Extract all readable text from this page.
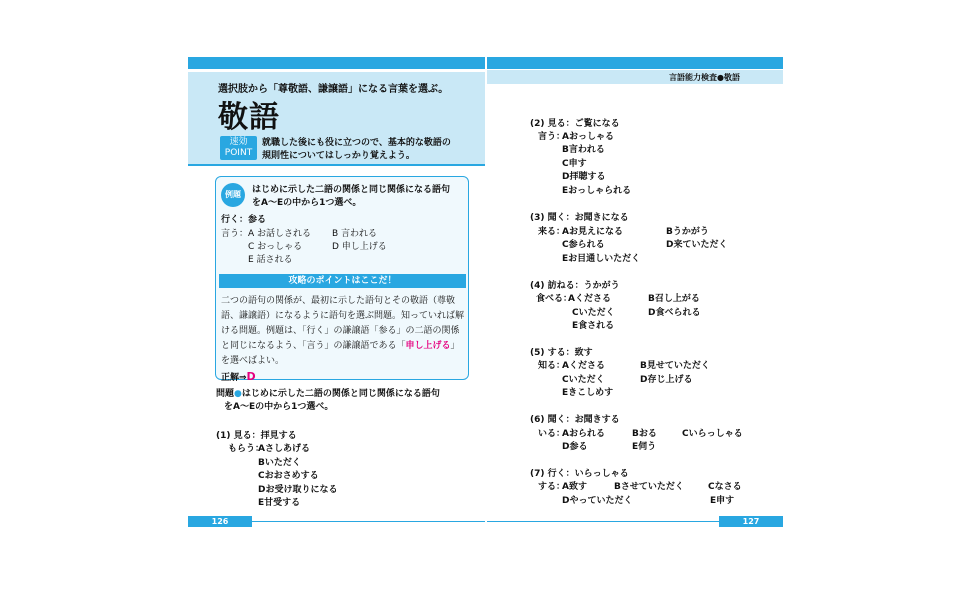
言語能力検査●敬語
選択肢から「尊敬語、謙譲語」になる言葉を選ぶ。
敬語
速効
POINT
就職した後にも役に立つので、基本的な敬語の
規則性についてはしっかり覚えよう。
例題	はじめに示した二語の関係と同じ関係になる語句
をA〜Eの中から1つ選べ。
行く：参る
言う： A お話しされる B 言われる
C おっしゃる	D 申し上げる
E 話される
攻略のポイントはここだ！
二つの語句の関係が、最初に示した語句とその敬語（尊敬語、謙譲語）になるように語句を選ぶ問題。知っていれば解ける問題。例題は、「行く」の謙譲語「参る」の二語の関係と同じになるよう、「言う」の謙譲語である「申し上げる」を選べばよい。
正解⇒D
問題●はじめに示した二語の関係と同じ関係になる語句
をA〜Eの中から1つ選べ。
(1) 見る：拝見する
もらう：
Aさしあげる
Bいただく
Cおおさめする
Dお受け取りになる
E甘受する
(2) 見る：ご覧になる
言う：
Aおっしゃる
B言われる
C申す
D拝聴する
Eおっしゃられる
(3) 聞く：お聞きになる
来る：
Aお見えになる	Bうかがう
C参られる	D来ていただく
Eお目通しいただく
(4) 訪ねる：うかがう
食べる：
Aくださる	B召し上がる
Cいただく	D食べられる
E食される
(5) する：致す
知る：
Aくださる	B見せていただく
Cいただく	D存じ上げる
Eきこしめす
(6) 聞く：お聞きする
いる：
Aおられる	Bおる	Cいらっしゃる
D参る	E伺う
(7) 行く：いらっしゃる
する：
A致す	Bさせていただく	Cなさる
Dやっていただく	E申す
126	127
